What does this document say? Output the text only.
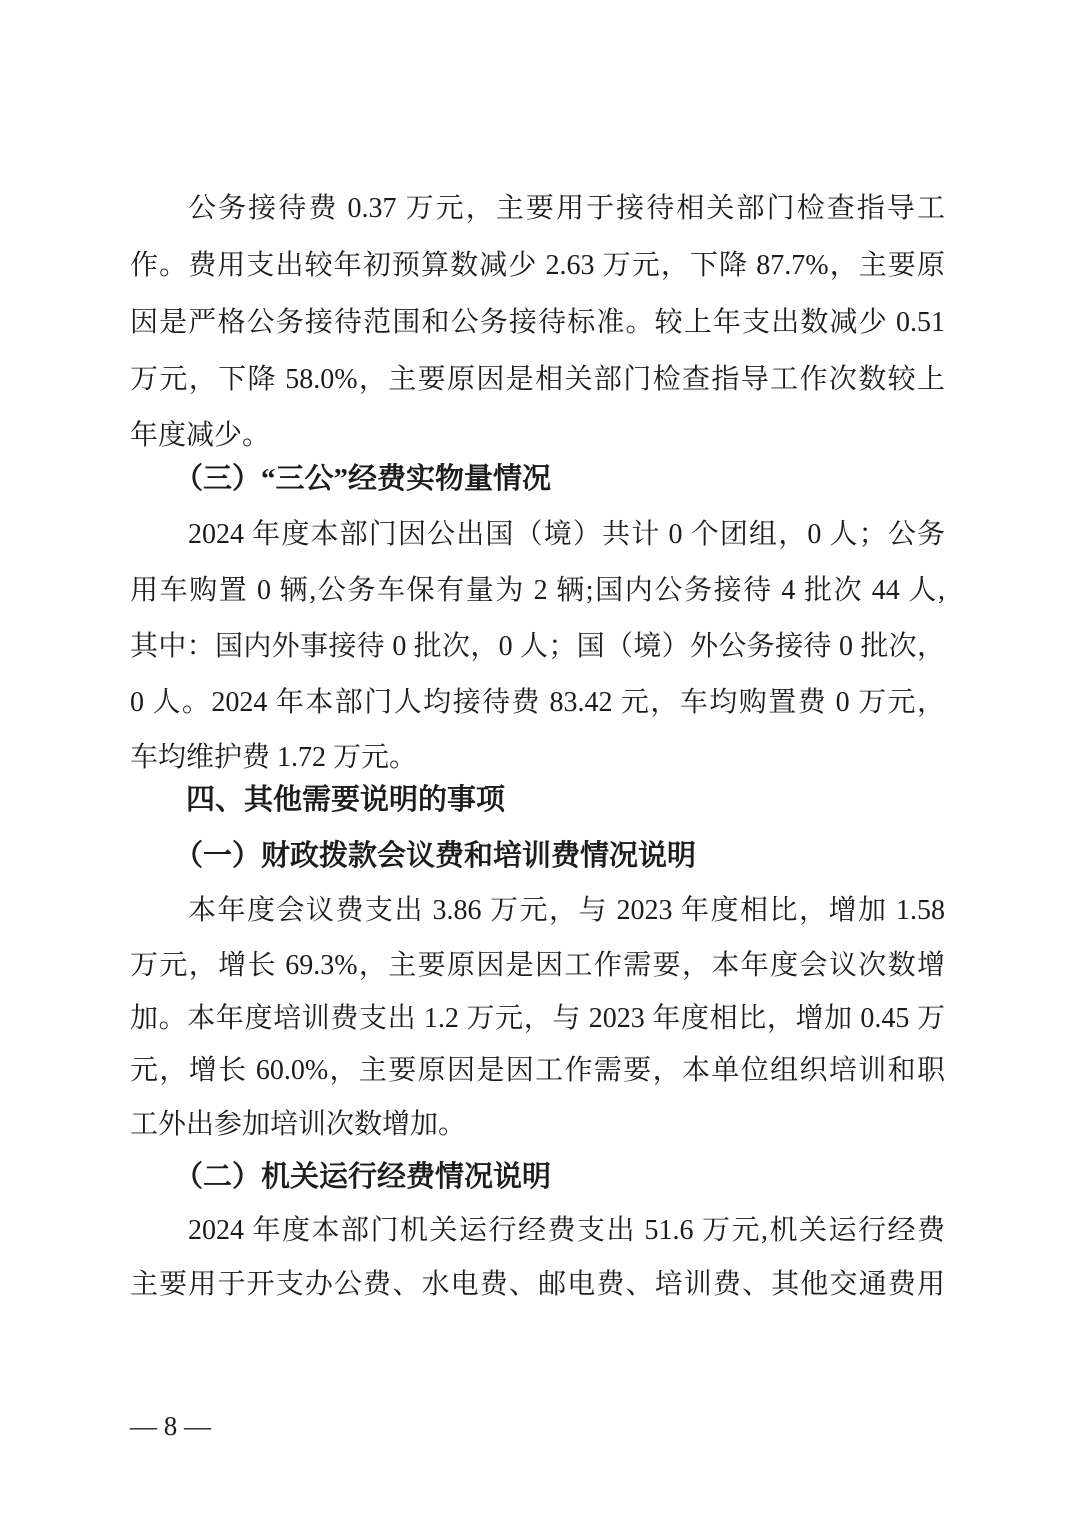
公务接待费 0.37 万元，主要用于接待相关部门检查指导工
作。费用支出较年初预算数减少 2.63 万元，下降 87.7%，主要原
因是严格公务接待范围和公务接待标准。较上年支出数减少 0.51
万元，下降 58.0%，主要原因是相关部门检查指导工作次数较上
年度减少。
（三）“三公”经费实物量情况
2024 年度本部门因公出国（境）共计 0 个团组，0 人；公务
用车购置 0 辆,公务车保有量为 2 辆;国内公务接待 4 批次 44 人,
其中：国内外事接待 0 批次，0 人；国（境）外公务接待 0 批次，
0 人。2024 年本部门人均接待费 83.42 元，车均购置费 0 万元，
车均维护费 1.72 万元。
四、其他需要说明的事项
（一）财政拨款会议费和培训费情况说明
本年度会议费支出 3.86 万元，与 2023 年度相比，增加 1.58
万元，增长 69.3%，主要原因是因工作需要，本年度会议次数增
加。本年度培训费支出 1.2 万元，与 2023 年度相比，增加 0.45 万
元，增长 60.0%，主要原因是因工作需要，本单位组织培训和职
工外出参加培训次数增加。
（二）机关运行经费情况说明
2024 年度本部门机关运行经费支出 51.6 万元,机关运行经费
主要用于开支办公费、水电费、邮电费、培训费、其他交通费用
— 8 —
